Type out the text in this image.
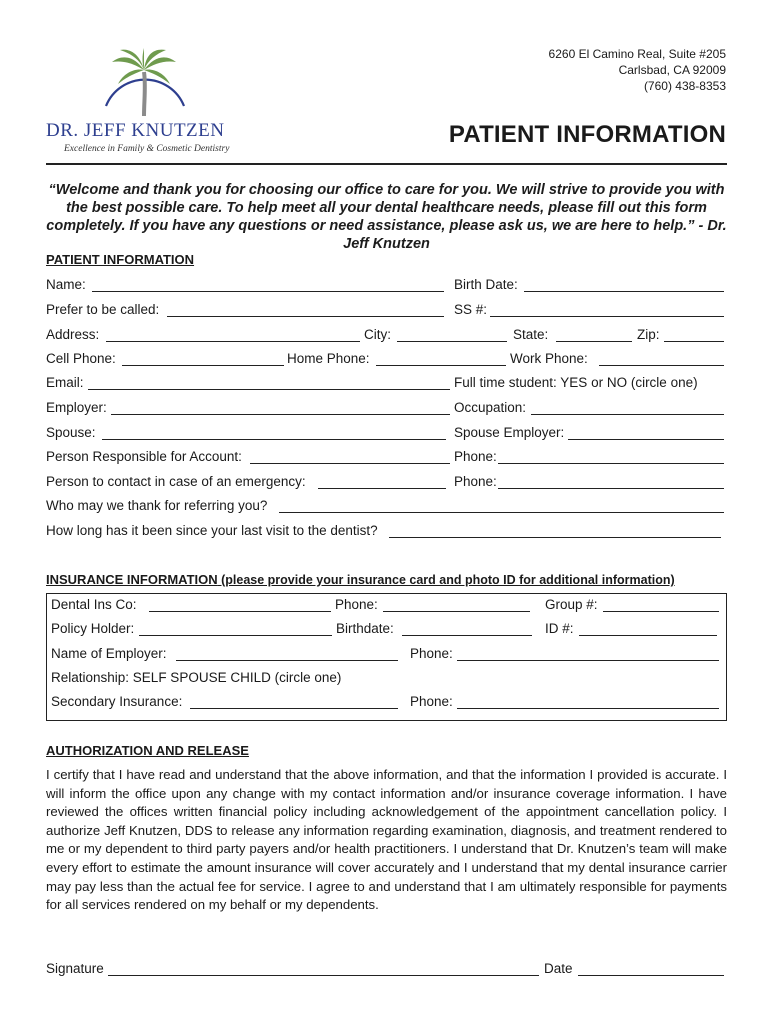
DR. JEFF KNUTZEN
Excellence in Family & Cosmetic Dentistry
6260 El Camino Real, Suite #205
Carlsbad, CA 92009
(760) 438-8353
PATIENT INFORMATION
“Welcome and thank you for choosing our office to care for you. We will strive to provide you with the best possible care. To help meet all your dental healthcare needs, please fill out this form completely. If you have any questions or need assistance, please ask us, we are here to help.” - Dr. Jeff Knutzen
PATIENT INFORMATION
Name:	Birth Date:
Prefer to be called:	SS #:
Address:	City:	State:	Zip:
Cell Phone:	Home Phone:	Work Phone:
Email:	Full time student: YES or NO (circle one)
Employer:	Occupation:
Spouse:	Spouse Employer:
Person Responsible for Account:	Phone:
Person to contact in case of an emergency:	Phone:
Who may we thank for referring you?
How long has it been since your last visit to the dentist?
INSURANCE INFORMATION (please provide your insurance card and photo ID for additional information)
Dental Ins Co:	Phone:	Group #:
Policy Holder:	Birthdate:	ID #:
Name of Employer:	Phone:
Relationship: SELF SPOUSE CHILD (circle one)
Secondary Insurance:	Phone:
AUTHORIZATION AND RELEASE
I certify that I have read and understand that the above information, and that the information I provided is accurate. I will inform the office upon any change with my contact information and/or insurance coverage information. I have reviewed the offices written financial policy including acknowledgement of the appointment cancellation policy. I authorize Jeff Knutzen, DDS to release any information regarding examination, diagnosis, and treatment rendered to me or my dependent to third party payers and/or health practitioners. I understand that Dr. Knutzen’s team will make every effort to estimate the amount insurance will cover accurately and I understand that my dental insurance carrier may pay less than the actual fee for service. I agree to and understand that I am ultimately responsible for payments for all services rendered on my behalf or my dependents.
Signature	Date
